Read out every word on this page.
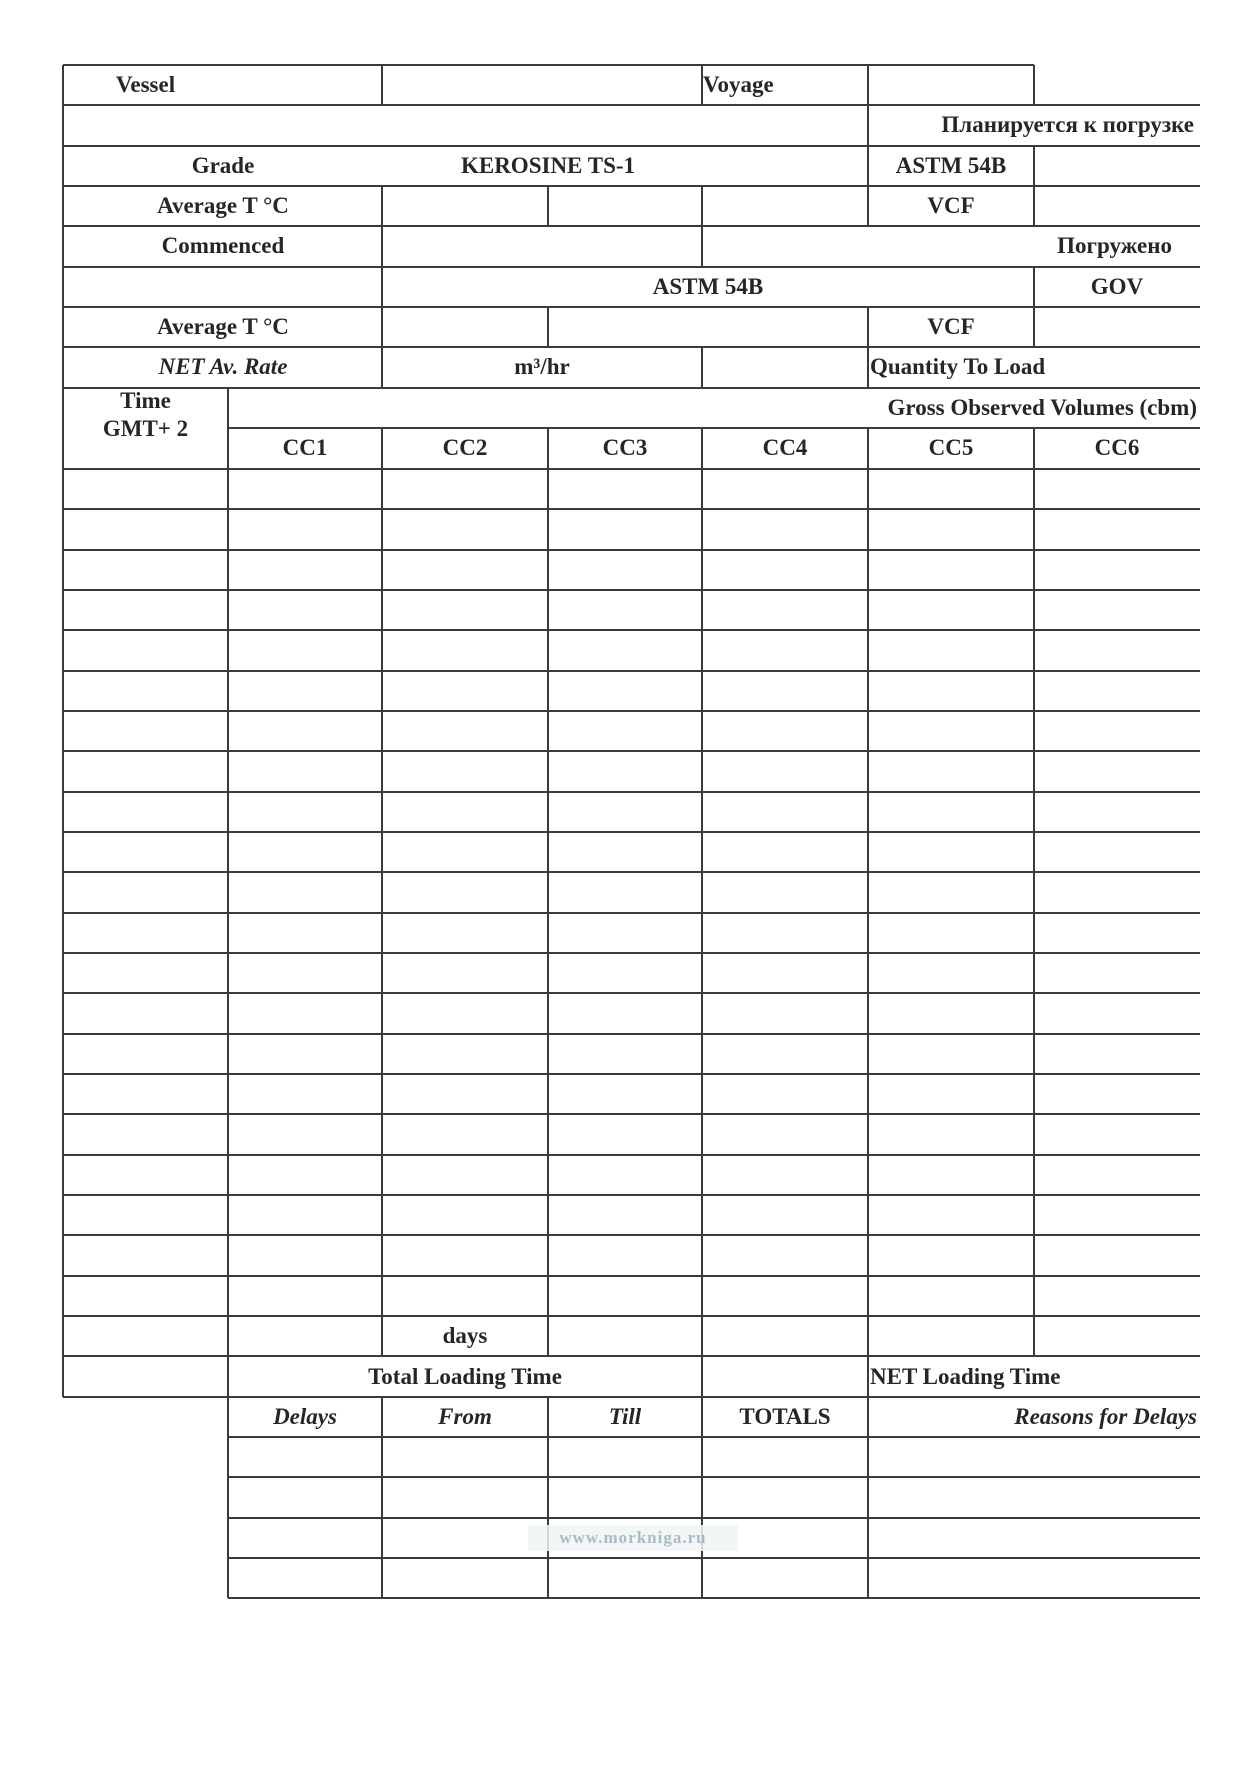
Vessel	Voyage
Планируется к погрузке
Grade	KEROSINE TS-1	ASTM 54B
Average T °C	VCF
Commenced	Погружено
ASTM 54B	GOV
Average T °C	VCF
NET Av. Rate	m³/hr	Quantity To Load
Time
GMT+ 2
Gross Observed Volumes (cbm)
CC1	CC2	CC3	CC4	CC5	CC6
days
Total Loading Time	NET Loading Time
Delays	From	Till	TOTALS	Reasons for Delays
www.morkniga.ru
